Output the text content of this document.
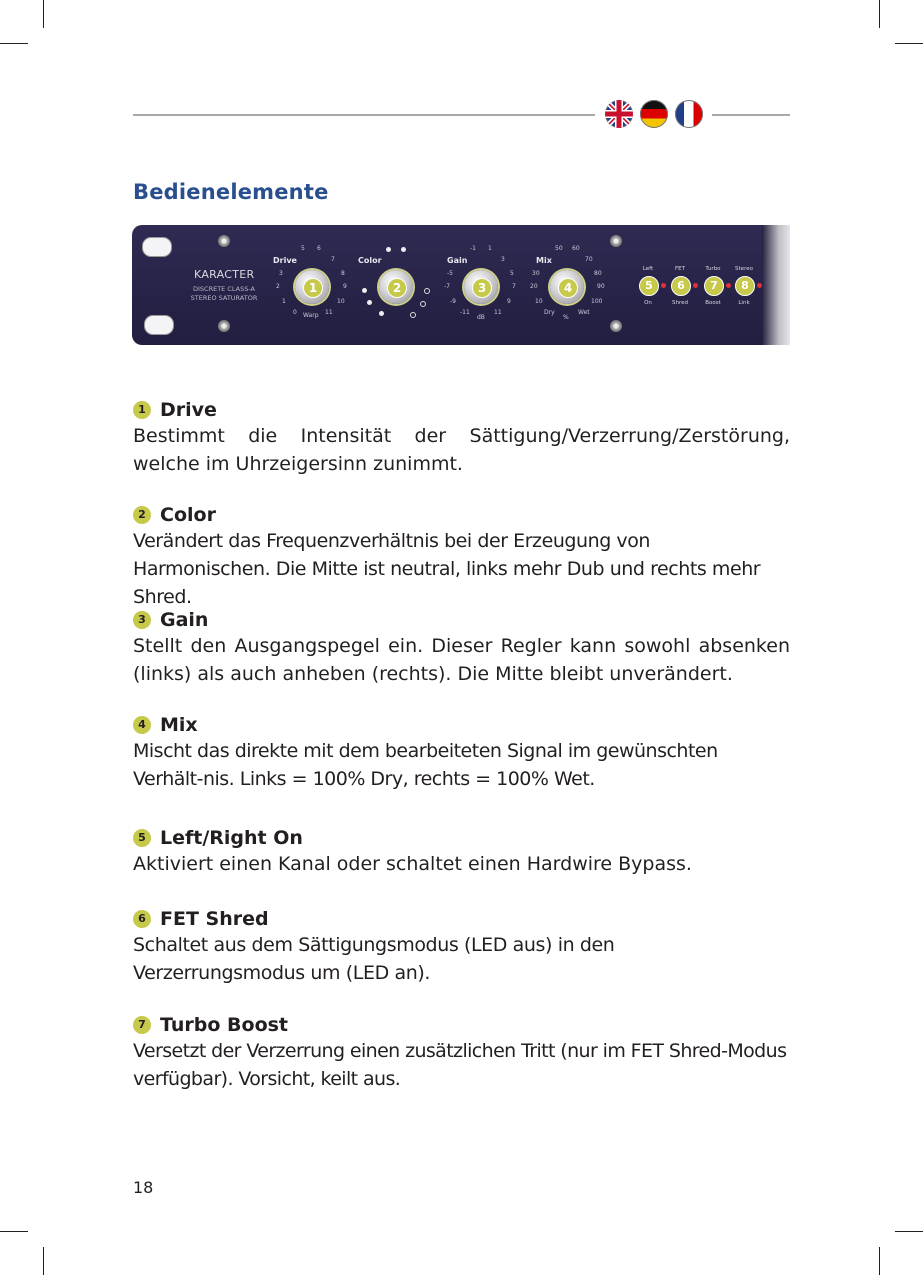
Bedienelemente
KARACTER
DISCRETE CLASS-A
STEREO SATURATOR
Drive
5 6
7
8
9
10
11
0
1
2
3
Warp
1
Color
2
Gain
-1 1
3
5
7
9
11
-11
-9
-7
-5
dB
3
Mix
50 60
70
80
90
100
10
20
30
Dry	Wet
%
4
Left
5
On
FET
6
Shred
Turbo
7
Boost
Stereo
8
Link
1 Drive
Bestimmt die Intensität der Sättigung/Verzerrung/Zerstörung, welche im Uhrzeigersinn zunimmt.
2 Color
Verändert das Frequenzverhältnis bei der Erzeugung von Harmonischen. Die Mitte ist neutral, links mehr Dub und rechts mehr Shred.
3 Gain
Stellt den Ausgangspegel ein. Dieser Regler kann sowohl absenken (links) als auch anheben (rechts). Die Mitte bleibt unverändert.
4 Mix
Mischt das direkte mit dem bearbeiteten Signal im gewünschten Verhält-nis. Links = 100% Dry, rechts = 100% Wet.
5 Left/Right On
Aktiviert einen Kanal oder schaltet einen Hardwire Bypass.
6 FET Shred
Schaltet aus dem Sättigungsmodus (LED aus) in den Verzerrungsmodus um (LED an).
7 Turbo Boost
Versetzt der Verzerrung einen zusätzlichen Tritt (nur im FET Shred-Modus verfügbar). Vorsicht, keilt aus.
18
